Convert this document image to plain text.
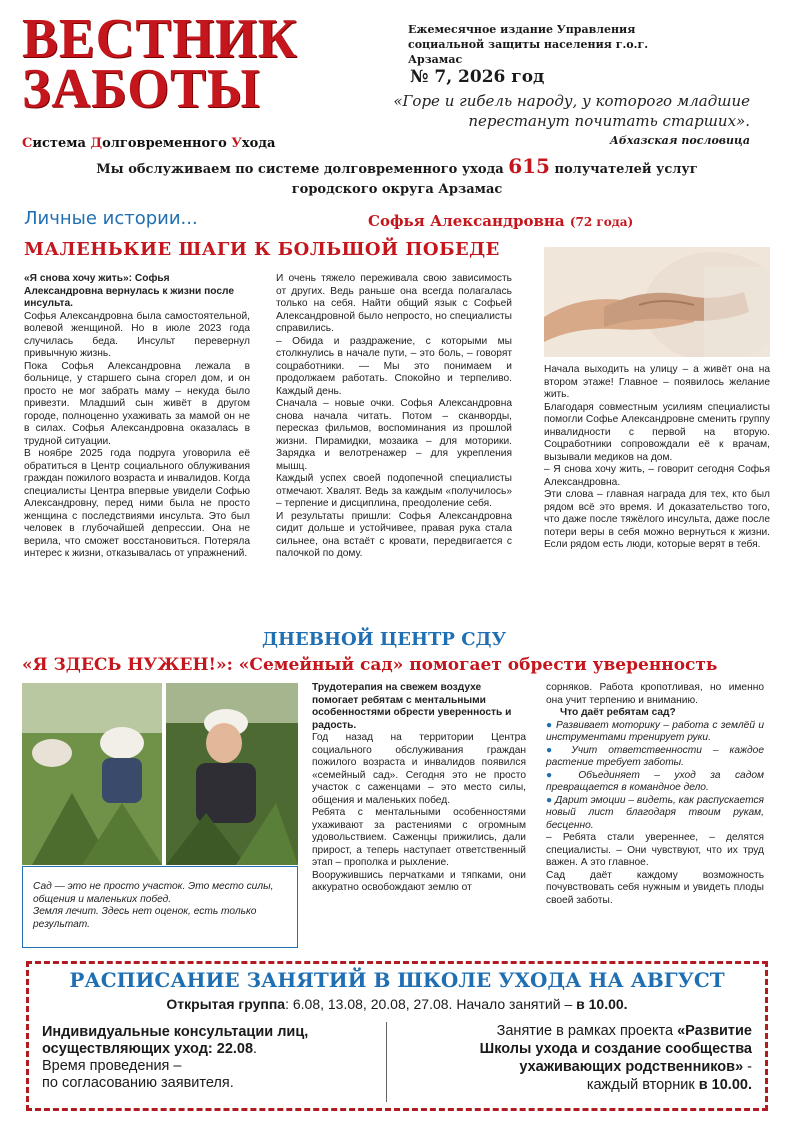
ВЕСТНИК
ЗАБОТЫ
Система Долговременного Ухода
Ежемесячное издание Управления
социальной защиты населения г.о.г. Арзамас
№ 7, 2026 год
«Горе и гибель народу, у которого младшие
перестанут почитать старших».
Абхазская пословица
Мы обслуживаем по системе долговременного ухода 615 получателей услуг
городского округа Арзамас
Личные истории...	Софья Александровна (72 года)
МАЛЕНЬКИЕ ШАГИ К БОЛЬШОЙ ПОБЕДЕ

«Я снова хочу жить»: Софья Александровна вернулась к жизни после инсульта.

Софья Александровна была самостоятельной, волевой женщиной. Но в июле 2023 года случилась беда. Инсульт перевернул привычную жизнь.

Пока Софья Александровна лежала в больнице, у старшего сына сгорел дом, и он просто не мог забрать маму – некуда было привезти. Младший сын живёт в другом городе, полноценно ухаживать за мамой он не в силах. Софья Александровна оказалась в трудной ситуации.

В ноябре 2025 года подруга уговорила её обратиться в Центр социального облуживания граждан пожилого возраста и инвалидов. Когда специалисты Центра впервые увидели Софью Александровну, перед ними была не просто женщина с последствиями инсульта. Это был человек в глубочайшей депрессии. Она не верила, что сможет восстановиться. Потеряла интерес к жизни, отказывалась от упражнений.

И очень тяжело переживала свою зависимость от других. Ведь раньше она всегда полагалась только на себя. Найти общий язык с Софьей Александровной было непросто, но специалисты справились.

– Обида и раздражение, с которыми мы столкнулись в начале пути, – это боль, – говорят соцработники. — Мы это понимаем и продолжаем работать. Спокойно и терпеливо. Каждый день.

Сначала – новые очки. Софья Александровна снова начала читать. Потом – сканворды, пересказ фильмов, воспоминания из прошлой жизни. Пирамидки, мозаика – для моторики. Зарядка и велотренажер – для укрепления мышц.

Каждый успех своей подопечной специалисты отмечают. Хвалят. Ведь за каждым «получилось» – терпение и дисциплина, преодоление себя.

И результаты пришли: Софья Александровна сидит дольше и устойчивее, правая рука стала сильнее, она встаёт с кровати, передвигается с палочкой по дому.

Начала выходить на улицу – а живёт она на втором этаже! Главное – появилось желание жить.

Благодаря совместным усилиям специалисты помогли Софье Александровне сменить группу инвалидности с первой на вторую. Соцработники сопровождали её к врачам, вызывали медиков на дом.

– Я снова хочу жить, – говорит сегодня Софья Александровна.

Эти слова – главная награда для тех, кто был рядом всё это время. И доказательство того, что даже после тяжёлого инсульта, даже после потери веры в себя можно вернуться к жизни. Если рядом есть люди, которые верят в тебя.

ДНЕВНОЙ ЦЕНТР СДУ
«Я ЗДЕСЬ НУЖЕН!»: «Семейный сад» помогает обрести уверенность
Сад — это не просто участок. Это место силы, общения и маленьких побед.
Земля лечит. Здесь нет оценок, есть только результат.

Трудотерапия на свежем воздухе помогает ребятам с ментальными особенностями обрести уверенность и радость.

Год назад на территории Центра социального обслуживания граждан пожилого возраста и инвалидов появился «семейный сад». Сегодня это не просто участок с саженцами – это место силы, общения и маленьких побед.

Ребята с ментальными особенностями ухаживают за растениями с огромным удовольствием. Саженцы прижились, дали прирост, а теперь наступает ответственный этап – прополка и рыхление.

Вооружившись перчатками и тяпками, они аккуратно освобождают землю от

сорняков. Работа кропотливая, но именно она учит терпению и вниманию.

Что даёт ребятам сад?

● Развивает моторику – работа с землёй и инструментами тренирует руки.

● Учит ответственности – каждое растение требует заботы.

● Объединяет – уход за садом превращается в командное дело.

● Дарит эмоции – видеть, как распускается новый лист благодаря твоим рукам, бесценно.

– Ребята стали увереннее, – делятся специалисты. – Они чувствуют, что их труд важен. А это главное.

Сад даёт каждому возможность почувствовать себя нужным и увидеть плоды своей заботы.

РАСПИСАНИЕ ЗАНЯТИЙ В ШКОЛЕ УХОДА НА АВГУСТ
Открытая группа: 6.08, 13.08, 20.08, 27.08. Начало занятий – в 10.00.
Индивидуальные консультации лиц,
осуществляющих уход: 22.08.
Время проведения –
по согласованию заявителя.
Занятие в рамках проекта «Развитие
Школы ухода и создание сообщества
ухаживающих родственников» -
каждый вторник в 10.00.
